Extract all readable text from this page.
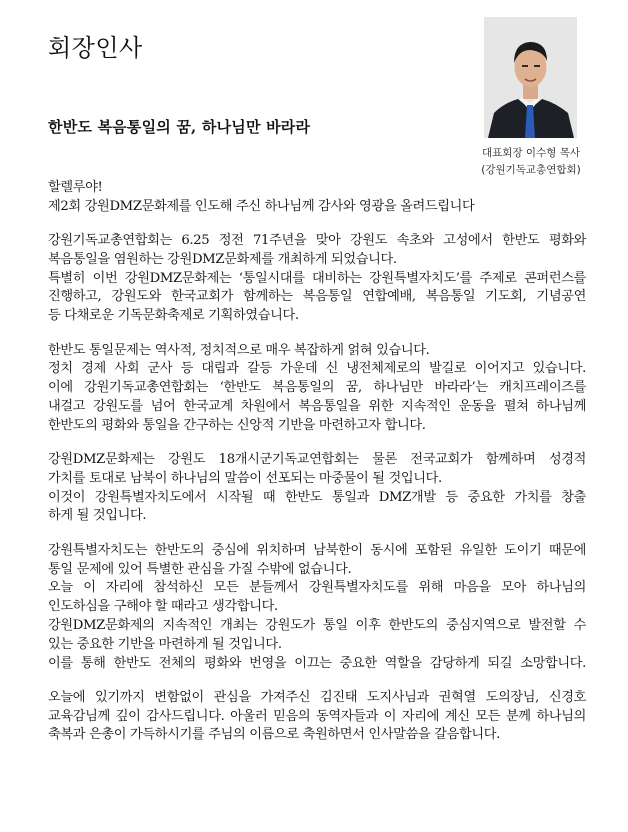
회장인사
대표회장 이수형 목사
(강원기독교총연합회)
한반도 복음통일의 꿈, 하나님만 바라라

할렐루야!
제2회 강원DMZ문화제를 인도해 주신 하나님께 감사와 영광을 올려드립니다

강원기독교총연합회는 6.25 정전 71주년을 맞아 강원도 속초와 고성에서 한반도 평화와
복음통일을 염원하는 강원DMZ문화제를 개최하게 되었습니다.
특별히 이번 강원DMZ문화제는 ‘통일시대를 대비하는 강원특별자치도’를 주제로 콘퍼런스를
진행하고, 강원도와 한국교회가 함께하는 복음통일 연합예배, 복음통일 기도회, 기념공연
등 다채로운 기독문화축제로 기획하였습니다.

한반도 통일문제는 역사적, 정치적으로 매우 복잡하게 얽혀 있습니다.
정치 경제 사회 군사 등 대립과 갈등 가운데 신 냉전체제로의 발길로 이어지고 있습니다.
이에 강원기독교총연합회는 ‘한반도 복음통일의 꿈, 하나님만 바라라’는 캐치프레이즈를
내걸고 강원도를 넘어 한국교계 차원에서 복음통일을 위한 지속적인 운동을 펼쳐 하나님께
한반도의 평화와 통일을 간구하는 신앙적 기반을 마련하고자 합니다.

강원DMZ문화제는 강원도 18개시군기독교연합회는 물론 전국교회가 함께하며 성경적
가치를 토대로 남북이 하나님의 말씀이 선포되는 마중물이 될 것입니다.
이것이 강원특별자치도에서 시작될 때 한반도 통일과 DMZ개발 등 중요한 가치를 창출
하게 될 것입니다.

강원특별자치도는 한반도의 중심에 위치하며 남북한이 동시에 포함된 유일한 도이기 때문에
통일 문제에 있어 특별한 관심을 가질 수밖에 없습니다.
오늘 이 자리에 참석하신 모든 분들께서 강원특별자치도를 위해 마음을 모아 하나님의
인도하심을 구해야 할 때라고 생각합니다.
강원DMZ문화제의 지속적인 개최는 강원도가 통일 이후 한반도의 중심지역으로 발전할 수
있는 중요한 기반을 마련하게 될 것입니다.
이를 통해 한반도 전체의 평화와 번영을 이끄는 중요한 역할을 감당하게 되길 소망합니다.

오늘에 있기까지 변함없이 관심을 가져주신 김진태 도지사님과 권혁열 도의장님, 신경호
교육감님께 깊이 감사드립니다. 아울러 믿음의 동역자들과 이 자리에 계신 모든 분께 하나님의
축복과 은총이 가득하시기를 주님의 이름으로 축원하면서 인사말씀을 갈음합니다.
